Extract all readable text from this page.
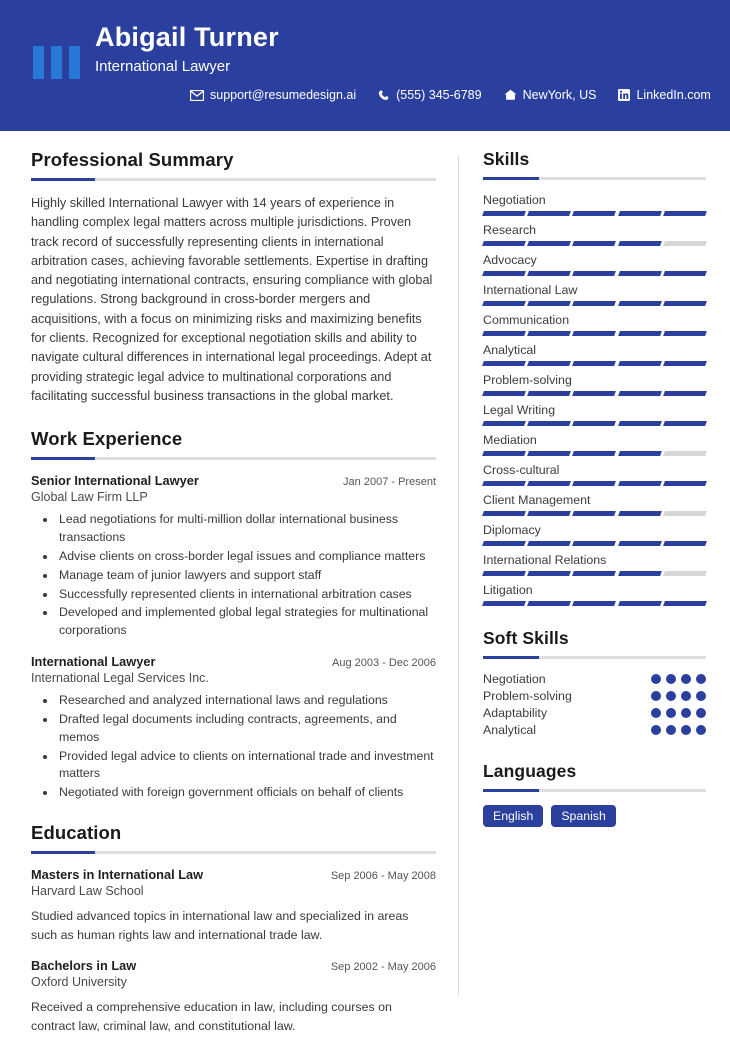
Abigail Turner
International Lawyer
support@resumedesign.ai	(555) 345-6789	NewYork, US	LinkedIn.com
Professional Summary

Highly skilled International Lawyer with 14 years of experience in handling complex legal matters across multiple jurisdictions. Proven track record of successfully representing clients in international arbitration cases, achieving favorable settlements. Expertise in drafting and negotiating international contracts, ensuring compliance with global regulations. Strong background in cross-border mergers and acquisitions, with a focus on minimizing risks and maximizing benefits for clients. Recognized for exceptional negotiation skills and ability to navigate cultural differences in international legal proceedings. Adept at providing strategic legal advice to multinational corporations and facilitating successful business transactions in the global market.

Work Experience
Senior International Lawyer	Jan 2007 - Present
Global Law Firm LLP
• Lead negotiations for multi-million dollar international business transactions
• Advise clients on cross-border legal issues and compliance matters
• Manage team of junior lawyers and support staff
• Successfully represented clients in international arbitration cases
• Developed and implemented global legal strategies for multinational corporations
International Lawyer	Aug 2003 - Dec 2006
International Legal Services Inc.
• Researched and analyzed international laws and regulations
• Drafted legal documents including contracts, agreements, and memos
• Provided legal advice to clients on international trade and investment matters
• Negotiated with foreign government officials on behalf of clients
Education
Masters in International Law	Sep 2006 - May 2008
Harvard Law School

Studied advanced topics in international law and specialized in areas such as human rights law and international trade law.

Bachelors in Law	Sep 2002 - May 2006
Oxford University

Received a comprehensive education in law, including courses on contract law, criminal law, and constitutional law.

Skills
Negotiation
Research
Advocacy
International Law
Communication
Analytical
Problem-solving
Legal Writing
Mediation
Cross-cultural
Client Management
Diplomacy
International Relations
Litigation
Soft Skills
Negotiation
Problem-solving
Adaptability
Analytical
Languages
English	Spanish
